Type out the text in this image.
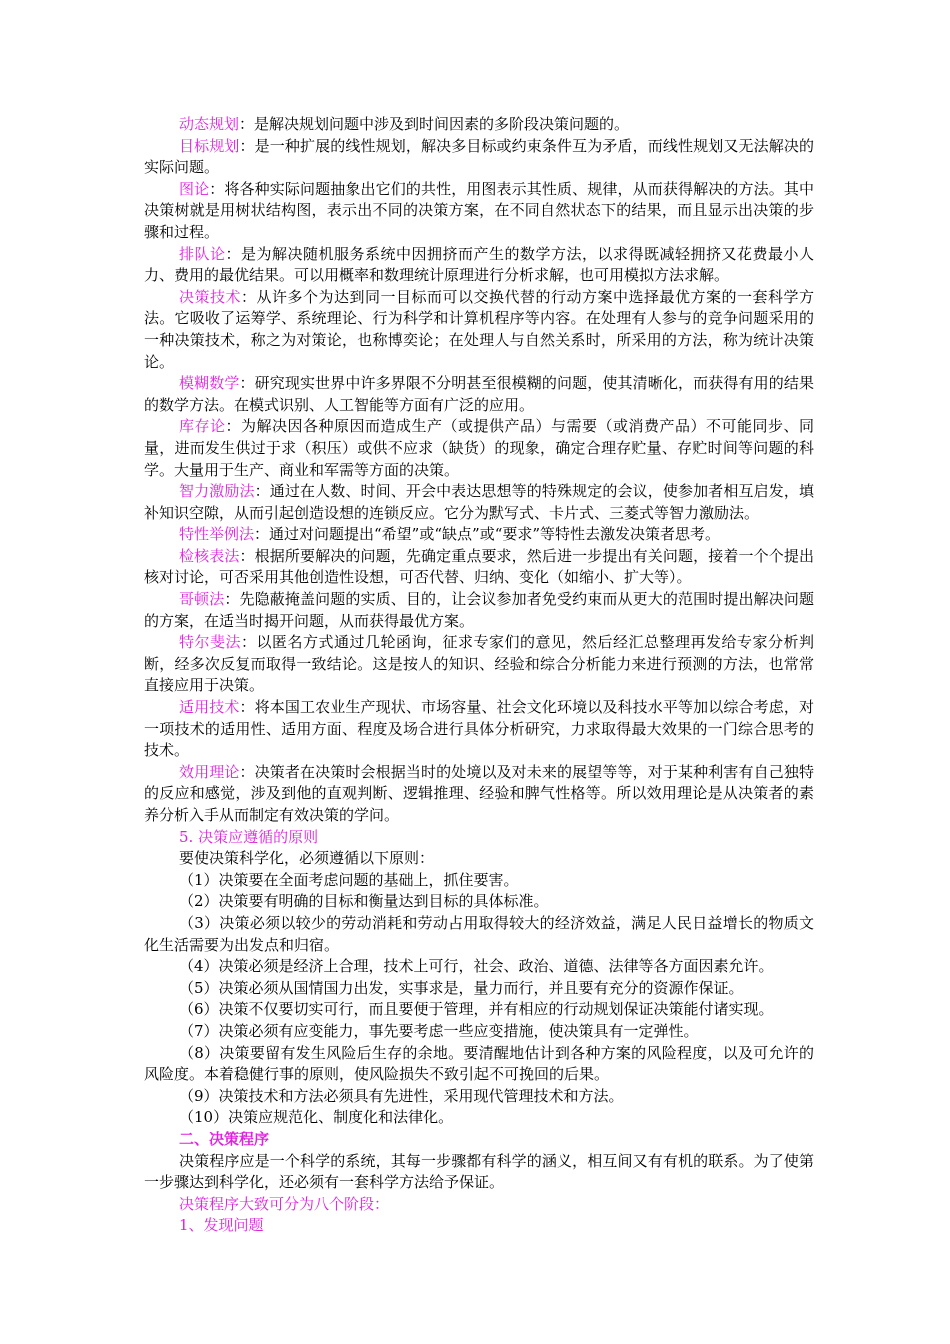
动态规划：是解决规划问题中涉及到时间因素的多阶段决策问题的。

目标规划：是一种扩展的线性规划，解决多目标或约束条件互为矛盾，而线性规划又无法解决的实际问题。

图论：将各种实际问题抽象出它们的共性，用图表示其性质、规律，从而获得解决的方法。其中决策树就是用树状结构图，表示出不同的决策方案，在不同自然状态下的结果，而且显示出决策的步骤和过程。

排队论：是为解决随机服务系统中因拥挤而产生的数学方法，以求得既减轻拥挤又花费最小人力、费用的最优结果。可以用概率和数理统计原理进行分析求解，也可用模拟方法求解。

决策技术：从许多个为达到同一目标而可以交换代替的行动方案中选择最优方案的一套科学方法。它吸收了运筹学、系统理论、行为科学和计算机程序等内容。在处理有人参与的竞争问题采用的一种决策技术，称之为对策论，也称博奕论；在处理人与自然关系时，所采用的方法，称为统计决策论。

模糊数学：研究现实世界中许多界限不分明甚至很模糊的问题，使其清晰化，而获得有用的结果的数学方法。在模式识别、人工智能等方面有广泛的应用。

库存论：为解决因各种原因而造成生产（或提供产品）与需要（或消费产品）不可能同步、同量，进而发生供过于求（积压）或供不应求（缺货）的现象，确定合理存贮量、存贮时间等问题的科学。大量用于生产、商业和军需等方面的决策。

智力激励法：通过在人数、时间、开会中表达思想等的特殊规定的会议，使参加者相互启发，填补知识空隙，从而引起创造设想的连锁反应。它分为默写式、卡片式、三菱式等智力激励法。

特性举例法：通过对问题提出“希望”或“缺点”或“要求”等特性去激发决策者思考。

检核表法：根据所要解决的问题，先确定重点要求，然后进一步提出有关问题，接着一个个提出核对讨论，可否采用其他创造性设想，可否代替、归纳、变化（如缩小、扩大等）。

哥顿法：先隐蔽掩盖问题的实质、目的，让会议参加者免受约束而从更大的范围时提出解决问题的方案，在适当时揭开问题，从而获得最优方案。

特尔斐法：以匿名方式通过几轮函询，征求专家们的意见，然后经汇总整理再发给专家分析判断，经多次反复而取得一致结论。这是按人的知识、经验和综合分析能力来进行预测的方法，也常常直接应用于决策。

适用技术：将本国工农业生产现状、市场容量、社会文化环境以及科技水平等加以综合考虑，对一项技术的适用性、适用方面、程度及场合进行具体分析研究，力求取得最大效果的一门综合思考的技术。

效用理论：决策者在决策时会根据当时的处境以及对未来的展望等等，对于某种利害有自己独特的反应和感觉，涉及到他的直观判断、逻辑推理、经验和脾气性格等。所以效用理论是从决策者的素养分析入手从而制定有效决策的学问。

5. 决策应遵循的原则

要使决策科学化，必须遵循以下原则：

（1）决策要在全面考虑问题的基础上，抓住要害。

（2）决策要有明确的目标和衡量达到目标的具体标准。

（3）决策必须以较少的劳动消耗和劳动占用取得较大的经济效益，满足人民日益增长的物质文化生活需要为出发点和归宿。

（4）决策必须是经济上合理，技术上可行，社会、政治、道德、法律等各方面因素允许。

（5）决策必须从国情国力出发，实事求是，量力而行，并且要有充分的资源作保证。

（6）决策不仅要切实可行，而且要便于管理，并有相应的行动规划保证决策能付诸实现。

（7）决策必须有应变能力，事先要考虑一些应变措施，使决策具有一定弹性。

（8）决策要留有发生风险后生存的余地。要清醒地估计到各种方案的风险程度，以及可允许的风险度。本着稳健行事的原则，使风险损失不致引起不可挽回的后果。

（9）决策技术和方法必须具有先进性，采用现代管理技术和方法。

（10）决策应规范化、制度化和法律化。

二、决策程序

决策程序应是一个科学的系统，其每一步骤都有科学的涵义，相互间又有有机的联系。为了使第一步骤达到科学化，还必须有一套科学方法给予保证。

决策程序大致可分为八个阶段：

1、发现问题
